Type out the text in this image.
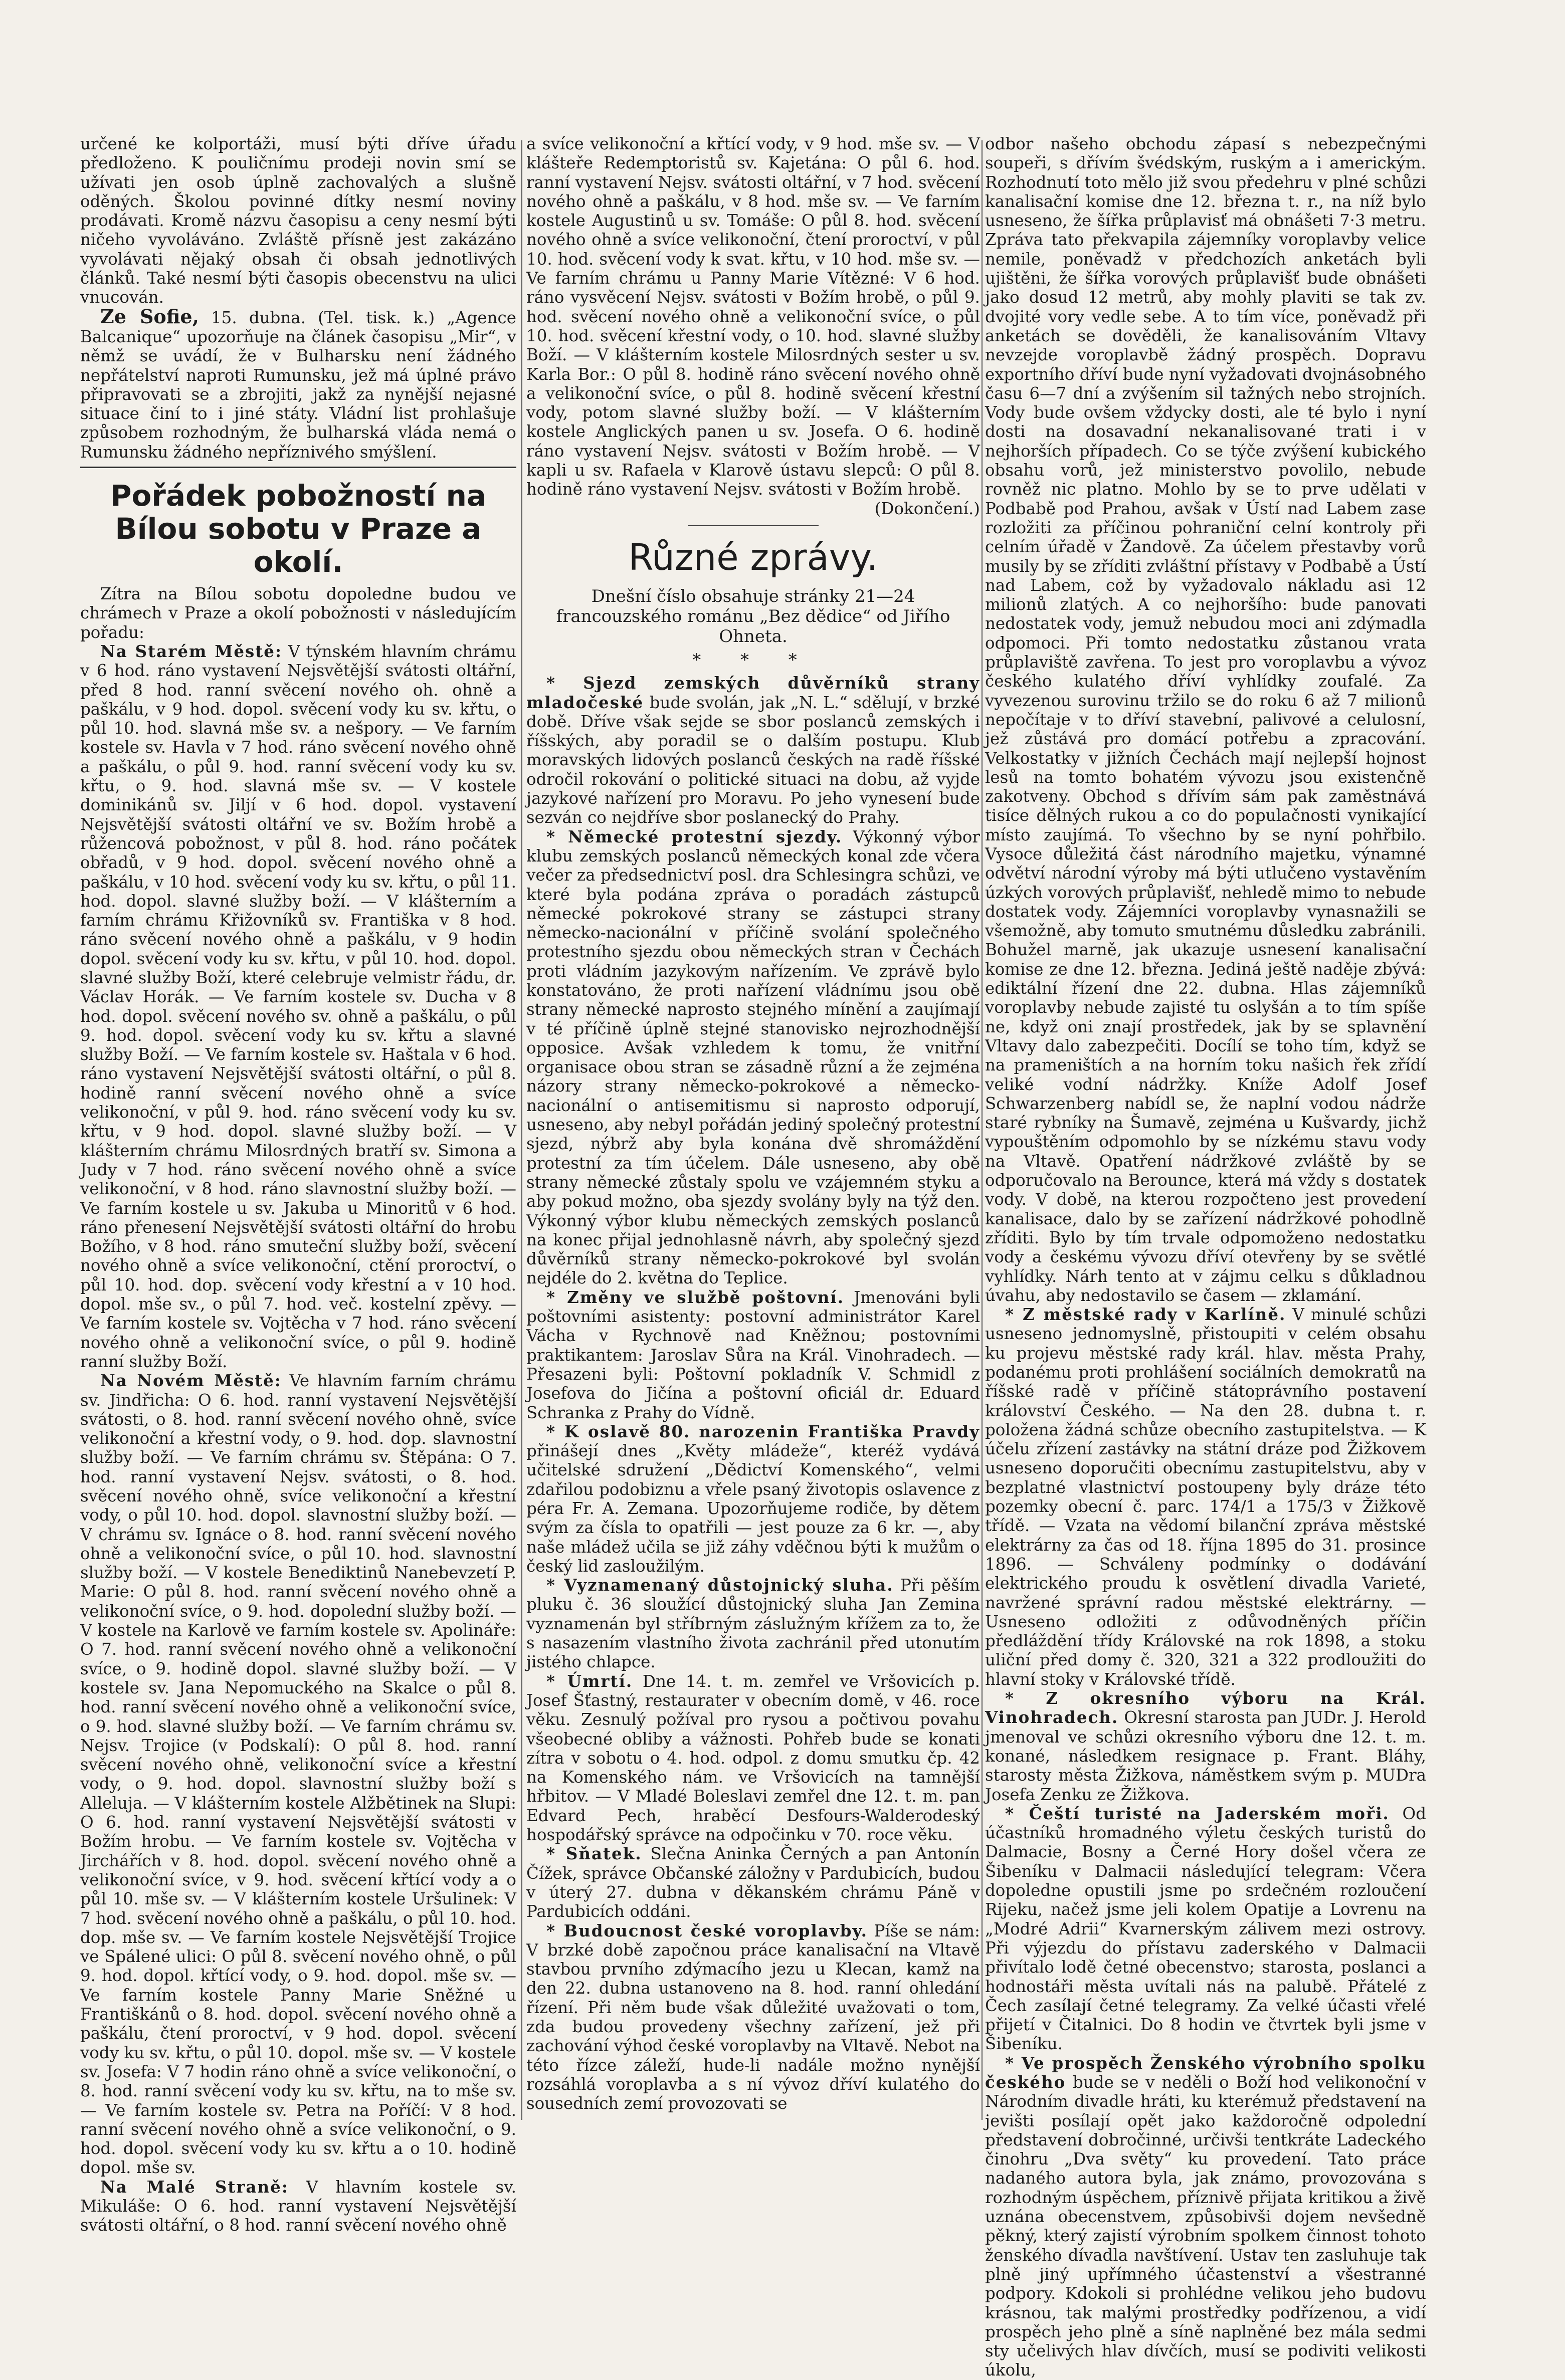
určené ke kolportáži, musí býti dříve úřadu předloženo. K pouličnímu prodeji novin smí se užívati jen osob úplně zachovalých a slušně oděných. Školou povinné dítky nesmí noviny prodávati. Kromě názvu časopisu a ceny nesmí býti ničeho vyvoláváno. Zvláště přísně jest zakázáno vyvolávati nějaký obsah či obsah jednotlivých článků. Také nesmí býti časopis obecenstvu na ulici vnucován.

Ze Sofie, 15. dubna. (Tel. tisk. k.) „Agence Balcanique“ upozorňuje na článek časopisu „Mir“, v němž se uvádí, že v Bulharsku není žádného nepřátelství naproti Rumunsku, jež má úplné právo připravovati se a zbrojiti, jakž za nynější nejasné situace činí to i jiné státy. Vládní list prohlašuje způsobem rozhodným, že bulharská vláda nemá o Rumunsku žádného nepříznivého smýšlení.

Pořádek pobožností na Bílou sobotu v Praze a okolí.

Zítra na Bílou sobotu dopoledne budou ve chrámech v Praze a okolí pobožnosti v následujícím pořadu:

Na Starém Městě: V týnském hlavním chrámu v 6 hod. ráno vystavení Nejsvětější svátosti oltářní, před 8 hod. ranní svěcení nového oh. ohně a paškálu, v 9 hod. dopol. svěcení vody ku sv. křtu, o půl 10. hod. slavná mše sv. a nešpory. — Ve farním kostele sv. Havla v 7 hod. ráno svěcení nového ohně a paškálu, o půl 9. hod. ranní svěcení vody ku sv. křtu, o 9. hod. slavná mše sv. — V kostele dominikánů sv. Jiljí v 6 hod. dopol. vystavení Nejsvětější svátosti oltářní ve sv. Božím hrobě a růžencová pobožnost, v půl 8. hod. ráno počátek obřadů, v 9 hod. dopol. svěcení nového ohně a paškálu, v 10 hod. svěcení vody ku sv. křtu, o půl 11. hod. dopol. slavné služby boží. — V klášterním a farním chrámu Křižovníků sv. Františka v 8 hod. ráno svěcení nového ohně a paškálu, v 9 hodin dopol. svěcení vody ku sv. křtu, v půl 10. hod. dopol. slavné služby Boží, které celebruje velmistr řádu, dr. Václav Horák. — Ve farním kostele sv. Ducha v 8 hod. dopol. svěcení nového sv. ohně a paškálu, o půl 9. hod. dopol. svěcení vody ku sv. křtu a slavné služby Boží. — Ve farním kostele sv. Haštala v 6 hod. ráno vystavení Nejsvětější svátosti oltářní, o půl 8. hodině ranní svěcení nového ohně a svíce velikonoční, v půl 9. hod. ráno svěcení vody ku sv. křtu, v 9 hod. dopol. slavné služby boží. — V klášterním chrámu Milosrdných bratří sv. Simona a Judy v 7 hod. ráno svěcení nového ohně a svíce velikonoční, v 8 hod. ráno slavnostní služby boží. — Ve farním kostele u sv. Jakuba u Minoritů v 6 hod. ráno přenesení Nejsvětější svátosti oltářní do hrobu Božího, v 8 hod. ráno smuteční služby boží, svěcení nového ohně a svíce velikonoční, ctění proroctví, o půl 10. hod. dop. svěcení vody křestní a v 10 hod. dopol. mše sv., o půl 7. hod. več. kostelní zpěvy. — Ve farním kostele sv. Vojtěcha v 7 hod. ráno svěcení nového ohně a velikonoční svíce, o půl 9. hodině ranní služby Boží.

Na Novém Městě: Ve hlavním farním chrámu sv. Jindřicha: O 6. hod. ranní vystavení Nejsvětější svátosti, o 8. hod. ranní svěcení nového ohně, svíce velikonoční a křestní vody, o 9. hod. dop. slavnostní služby boží. — Ve farním chrámu sv. Štěpána: O 7. hod. ranní vystavení Nejsv. svátosti, o 8. hod. svěcení nového ohně, svíce velikonoční a křestní vody, o půl 10. hod. dopol. slavnostní služby boží. — V chrámu sv. Ignáce o 8. hod. ranní svěcení nového ohně a velikonoční svíce, o půl 10. hod. slavnostní služby boží. — V kostele Benediktinů Nanebevzetí P. Marie: O půl 8. hod. ranní svěcení nového ohně a velikonoční svíce, o 9. hod. dopolední služby boží. — V kostele na Karlově ve farním kostele sv. Apolináře: O 7. hod. ranní svěcení nového ohně a velikonoční svíce, o 9. hodině dopol. slavné služby boží. — V kostele sv. Jana Nepomuckého na Skalce o půl 8. hod. ranní svěcení nového ohně a velikonoční svíce, o 9. hod. slavné služby boží. — Ve farním chrámu sv. Nejsv. Trojice (v Podskalí): O půl 8. hod. ranní svěcení nového ohně, velikonoční svíce a křestní vody, o 9. hod. dopol. slavnostní služby boží s Alleluja. — V klášterním kostele Alžbětinek na Slupi: O 6. hod. ranní vystavení Nejsvětější svátosti v Božím hrobu. — Ve farním kostele sv. Vojtěcha v Jirchářích v 8. hod. dopol. svěcení nového ohně a velikonoční svíce, v 9. hod. svěcení křtící vody a o půl 10. mše sv. — V klášterním kostele Uršulinek: V 7 hod. svěcení nového ohně a paškálu, o půl 10. hod. dop. mše sv. — Ve farním kostele Nejsvětější Trojice ve Spálené ulici: O půl 8. svěcení nového ohně, o půl 9. hod. dopol. křtící vody, o 9. hod. dopol. mše sv. — Ve farním kostele Panny Marie Sněžné u Františkánů o 8. hod. dopol. svěcení nového ohně a paškálu, čtení proroctví, v 9 hod. dopol. svěcení vody ku sv. křtu, o půl 10. dopol. mše sv. — V kostele sv. Josefa: V 7 hodin ráno ohně a svíce velikonoční, o 8. hod. ranní svěcení vody ku sv. křtu, na to mše sv. — Ve farním kostele sv. Petra na Poříčí: V 8 hod. ranní svěcení nového ohně a svíce velikonoční, o 9. hod. dopol. svěcení vody ku sv. křtu a o 10. hodině dopol. mše sv.

Na Malé Straně: V hlavním kostele sv. Mikuláše: O 6. hod. ranní vystavení Nejsvětější svátosti oltářní, o 8 hod. ranní svěcení nového ohně

a svíce velikonoční a křtící vody, v 9 hod. mše sv. — V klášteře Redemptoristů sv. Kajetána: O půl 6. hod. ranní vystavení Nejsv. svátosti oltářní, v 7 hod. svěcení nového ohně a paškálu, v 8 hod. mše sv. — Ve farním kostele Augustinů u sv. Tomáše: O půl 8. hod. svěcení nového ohně a svíce velikonoční, čtení proroctví, v půl 10. hod. svěcení vody k svat. křtu, v 10 hod. mše sv. — Ve farním chrámu u Panny Marie Vítězné: V 6 hod. ráno vysvěcení Nejsv. svátosti v Božím hrobě, o půl 9. hod. svěcení nového ohně a velikonoční svíce, o půl 10. hod. svěcení křestní vody, o 10. hod. slavné služby Boží. — V klášterním kostele Milosrdných sester u sv. Karla Bor.: O půl 8. hodině ráno svěcení nového ohně a velikonoční svíce, o půl 8. hodině svěcení křestní vody, potom slavné služby boží. — V klášterním kostele Anglických panen u sv. Josefa. O 6. hodině ráno vystavení Nejsv. svátosti v Božím hrobě. — V kapli u sv. Rafaela v Klarově ústavu slepců: O půl 8. hodině ráno vystavení Nejsv. svátosti v Božím hrobě.

(Dokončení.)
Různé zprávy.
Dnešní číslo obsahuje stránky 21—24 francouzského románu „Bez dědice“ od Jiřího Ohneta.
* * *

* Sjezd zemských důvěrníků strany mladočeské bude svolán, jak „N. L.“ sdělují, v brzké době. Dříve však sejde se sbor poslanců zemských i říšských, aby poradil se o dalším postupu. Klub moravských lidových poslanců českých na radě říšské odročil rokování o politické situaci na dobu, až vyjde jazykové nařízení pro Moravu. Po jeho vynesení bude sezván co nejdříve sbor poslanecký do Prahy.

* Německé protestní sjezdy. Výkonný výbor klubu zemských poslanců německých konal zde včera večer za předsednictví posl. dra Schlesingra schůzi, ve které byla podána zpráva o poradách zástupců německé pokrokové strany se zástupci strany německo-nacionální v příčině svolání společného protestního sjezdu obou německých stran v Čechách proti vládním jazykovým nařízením. Ve zprávě bylo konstatováno, že proti nařízení vládnímu jsou obě strany německé naprosto stejného mínění a zaujímají v té příčině úplně stejné stanovisko nejrozhodnější opposice. Avšak vzhledem k tomu, že vnitřní organisace obou stran se zásadně různí a že zejména názory strany německo-pokrokové a německo-nacionální o antisemitismu si naprosto odporují, usneseno, aby nebyl pořádán jediný společný protestní sjezd, nýbrž aby byla konána dvě shromáždění protestní za tím účelem. Dále usneseno, aby obě strany německé zůstaly spolu ve vzájemném styku a aby pokud možno, oba sjezdy svolány byly na týž den. Výkonný výbor klubu německých zemských poslanců na konec přijal jednohlasně návrh, aby společný sjezd důvěrníků strany německo-pokrokové byl svolán nejdéle do 2. května do Teplice.

* Změny ve službě poštovní. Jmenováni byli poštovními asistenty: postovní administrátor Karel Vácha v Rychnově nad Kněžnou; postovními praktikantem: Jaroslav Sůra na Král. Vinohradech. — Přesazeni byli: Poštovní pokladník V. Schmidl z Josefova do Jičína a poštovní oficiál dr. Eduard Schranka z Prahy do Vídně.

* K oslavě 80. narozenin Františka Pravdy přinášejí dnes „Květy mládeže“, kteréž vydává učitelské sdružení „Dědictví Komenského“, velmi zdařilou podobiznu a vřele psaný životopis oslavence z péra Fr. A. Zemana. Upozorňujeme rodiče, by dětem svým za čísla to opatřili — jest pouze za 6 kr. —, aby naše mládež učila se již záhy vděčnou býti k mužům o český lid zasloužilým.

* Vyznamenaný důstojnický sluha. Při pěším pluku č. 36 sloužící důstojnický sluha Jan Zemina vyznamenán byl stříbrným záslužným křížem za to, že s nasazením vlastního života zachránil před utonutím jistého chlapce.

* Úmrtí. Dne 14. t. m. zemřel ve Vršovicích p. Josef Šťastný, restaurater v obecním domě, v 46. roce věku. Zesnulý požíval pro rysou a počtivou povahu všeobecné obliby a vážnosti. Pohřeb bude se konati zítra v sobotu o 4. hod. odpol. z domu smutku čp. 42 na Komenského nám. ve Vršovicích na tamnější hřbitov. — V Mladé Boleslavi zemřel dne 12. t. m. pan Edvard Pech, hraběcí Desfours-Walderodeský hospodářský správce na odpočinku v 70. roce věku.

* Sňatek. Slečna Aninka Černých a pan Antonín Čížek, správce Občanské záložny v Pardubicích, budou v úterý 27. dubna v děkanském chrámu Páně v Pardubicích oddáni.

* Budoucnost české voroplavby. Píše se nám: V brzké době započnou práce kanalisační na Vltavě stavbou prvního zdýmacího jezu u Klecan, kamž na den 22. dubna ustanoveno na 8. hod. ranní ohledání řízení. Při něm bude však důležité uvažovati o tom, zda budou provedeny všechny zařízení, jež při zachování výhod české voroplavby na Vltavě. Nebot na této řízce záleží, hude-li nadále možno nynější rozsáhlá voroplavba a s ní vývoz dříví kulatého do sousedních zemí provozovati se

odbor našeho obchodu zápasí s nebezpečnými soupeři, s dřívím švédským, ruským a i americkým. Rozhodnutí toto mělo již svou předehru v plné schůzi kanalisační komise dne 12. března t. r., na níž bylo usneseno, že šířka průplavisť má obnášeti 7·3 metru. Zpráva tato překvapila zájemníky voroplavby velice nemile, poněvadž v předchozích anketách byli ujištěni, že šířka vorových průplavišť bude obnášeti jako dosud 12 metrů, aby mohly plaviti se tak zv. dvojité vory vedle sebe. A to tím více, poněvadž při anketách se dověděli, že kanalisováním Vltavy nevzejde voroplavbě žádný prospěch. Dopravu exportního dříví bude nyní vyžadovati dvojnásobného času 6—7 dní a zvýšením sil tažných nebo strojních. Vody bude ovšem vždycky dosti, ale té bylo i nyní dosti na dosavadní nekanalisované trati i v nejhorších případech. Co se týče zvýšení kubického obsahu vorů, jež ministerstvo povolilo, nebude rovněž nic platno. Mohlo by se to prve udělati v Podbabě pod Prahou, avšak v Ústí nad Labem zase rozložiti za příčinou pohraniční celní kontroly při celním úřadě v Žandově. Za účelem přestavby vorů musily by se zříditi zvláštní přístavy v Podbabě a Ústí nad Labem, což by vyžadovalo nákladu asi 12 milionů zlatých. A co nejhoršího: bude panovati nedostatek vody, jemuž nebudou moci ani zdýmadla odpomoci. Při tomto nedostatku zůstanou vrata průplaviště zavřena. To jest pro voroplavbu a vývoz českého kulatého dříví vyhlídky zoufalé. Za vyvezenou surovinu tržilo se do roku 6 až 7 milionů nepočítaje v to dříví stavební, palivové a celulosní, jež zůstává pro domácí potřebu a zpracování. Velkostatky v jižních Čechách mají nejlepší hojnost lesů na tomto bohatém vývozu jsou existenčně zakotveny. Obchod s dřívím sám pak zaměstnává tisíce dělných rukou a co do populačnosti vynikající místo zaujímá. To všechno by se nyní pohřbilo. Vysoce důležitá část národního majetku, výnamné odvětví národní výroby má býti utlučeno vystavěním úzkých vorových průplavišť, nehledě mimo to nebude dostatek vody. Zájemníci voroplavby vynasnažili se všemožně, aby tomuto smutnému důsledku zabránili. Bohužel marně, jak ukazuje usnesení kanalisační komise ze dne 12. března. Jediná ještě naděje zbývá: ediktální řízení dne 22. dubna. Hlas zájemníků voroplavby nebude zajisté tu oslyšán a to tím spíše ne, když oni znají prostředek, jak by se splavnění Vltavy dalo zabezpečiti. Docílí se toho tím, když se na prameništích a na horním toku našich řek zřídí veliké vodní nádržky. Kníže Adolf Josef Schwarzenberg nabídl se, že naplní vodou nádrže staré rybníky na Šumavě, zejména u Kušvardy, jichž vypouštěním odpomohlo by se nízkému stavu vody na Vltavě. Opatření nádržkové zvláště by se odporučovalo na Berounce, která má vždy s dostatek vody. V době, na kterou rozpočteno jest provedení kanalisace, dalo by se zařízení nádržkové pohodlně zříditi. Bylo by tím trvale odpomoženo nedostatku vody a českému vývozu dříví otevřeny by se světlé vyhlídky. Nárh tento at v zájmu celku s důkladnou úvahu, aby nedostavilo se časem — zklamání.

* Z městské rady v Karlíně. V minulé schůzi usneseno jednomyslně, přistoupiti v celém obsahu ku projevu městské rady král. hlav. města Prahy, podanému proti prohlášení sociálních demokratů na říšské radě v příčině státoprávního postavení království Českého. — Na den 28. dubna t. r. položena žádná schůze obecního zastupitelstva. — K účelu zřízení zastávky na státní dráze pod Žižkovem usneseno doporučiti obecnímu zastupitelstvu, aby v bezplatné vlastnictví postoupeny byly dráze této pozemky obecní č. parc. 174/1 a 175/3 v Žižkově třídě. — Vzata na vědomí bilanční zpráva městské elektrárny za čas od 18. října 1895 do 31. prosince 1896. — Schváleny podmínky o dodávání elektrického proudu k osvětlení divadla Varieté, navržené správní radou městské elektrárny. — Usneseno odložiti z odůvodněných příčin předláždění třídy Královské na rok 1898, a stoku uliční před domy č. 320, 321 a 322 prodloužiti do hlavní stoky v Královské třídě.

* Z okresního výboru na Král. Vinohradech. Okresní starosta pan JUDr. J. Herold jmenoval ve schůzi okresního výboru dne 12. t. m. konané, následkem resignace p. Frant. Bláhy, starosty města Žižkova, náměstkem svým p. MUDra Josefa Zenku ze Žižkova.

* Čeští turisté na Jaderském moři. Od účastníků hromadného výletu českých turistů do Dalmacie, Bosny a Černé Hory došel včera ze Šibeníku v Dalmacii následující telegram: Včera dopoledne opustili jsme po srdečném rozloučení Rijeku, načež jsme jeli kolem Opatije a Lovrenu na „Modré Adrii“ Kvarnerským zálivem mezi ostrovy. Při výjezdu do přístavu zaderského v Dalmacii přivítalo lodě četné obecenstvo; starosta, poslanci a hodnostáři města uvítali nás na palubě. Přátelé z Čech zasílají četné telegramy. Za velké účasti vřelé přijetí v Čitalnici. Do 8 hodin ve čtvrtek byli jsme v Šibeníku.

* Ve prospěch Ženského výrobního spolku českého bude se v neděli o Boží hod velikonoční v Národním divadle hráti, ku kterémuž představení na jevišti posílají opět jako každoročně odpolední představení dobročinné, určivši tentkráte Ladeckého činohru „Dva světy“ ku provedení. Tato práce nadaného autora byla, jak známo, provozována s rozhodným úspěchem, příznivě přijata kritikou a živě uznána obecenstvem, způsobivši dojem nevšedně pěkný, který zajistí výrobním spolkem činnost tohoto ženského dívadla navštívení. Ustav ten zasluhuje tak plně jiný upřímného účastenství a všestranné podpory. Kdokoli si prohlédne velikou jeho budovu krásnou, tak malými prostředky podřízenou, a vidí prospěch jeho plně a síně naplněné bez mála sedmi sty učelivých hlav dívčích, musí se podiviti velikosti úkolu,
